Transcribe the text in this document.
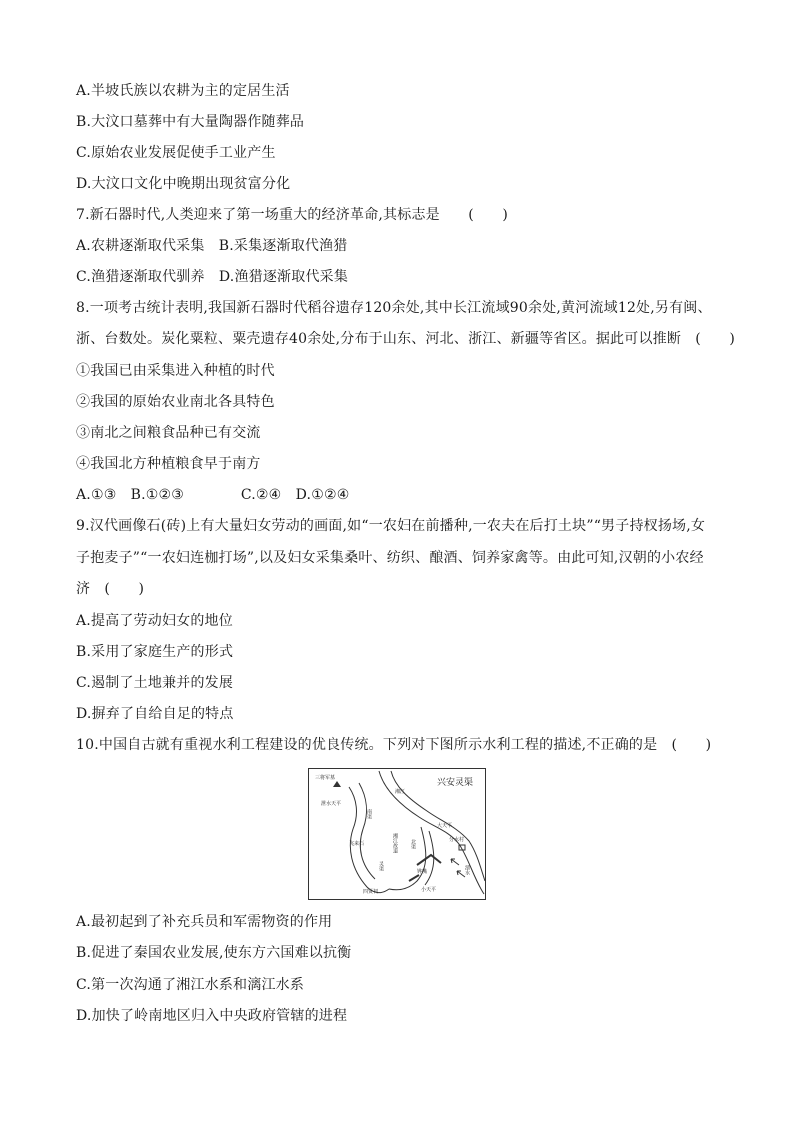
A.半坡氏族以农耕为主的定居生活
B.大汶口墓葬中有大量陶器作随葬品
C.原始农业发展促使手工业产生
D.大汶口文化中晚期出现贫富分化
7.新石器时代,人类迎来了第一场重大的经济革命,其标志是　　(　　)
A.农耕逐渐取代采集　B.采集逐渐取代渔猎
C.渔猎逐渐取代驯养　D.渔猎逐渐取代采集
8.一项考古统计表明,我国新石器时代稻谷遗存120余处,其中长江流域90余处,黄河流域12处,另有闽、
浙、台数处。炭化粟粒、粟壳遗存40余处,分布于山东、河北、浙江、新疆等省区。据此可以推断　(　　)
①我国已由采集进入种植的时代
②我国的原始农业南北各具特色
③南北之间粮食品种已有交流
④我国北方种植粮食早于南方
A.①③　B.①②③　　　　C.②④　D.①②④
9.汉代画像石(砖)上有大量妇女劳动的画面,如“一农妇在前播种,一农夫在后打土块”“男子持杈扬场,女
子抱麦子”“一农妇连枷打场”,以及妇女采集桑叶、纺织、酿酒、饲养家禽等。由此可知,汉朝的小农经
济　(　　)
A.提高了劳动妇女的地位
B.采用了家庭生产的形式
C.遏制了土地兼并的发展
D.摒弃了自给自足的特点
10.中国自古就有重视水利工程建设的优良传统。下列对下图所示水利工程的描述,不正确的是　(　　)
兴安灵渠
三将军墓
泄水天平
大天平
分水村
飞来石
小天平
铧嘴
四贤祠
南渠
北渠
湘江故道
湘江
灵渠	溃水
A.最初起到了补充兵员和军需物资的作用
B.促进了秦国农业发展,使东方六国难以抗衡
C.第一次沟通了湘江水系和漓江水系
D.加快了岭南地区归入中央政府管辖的进程
